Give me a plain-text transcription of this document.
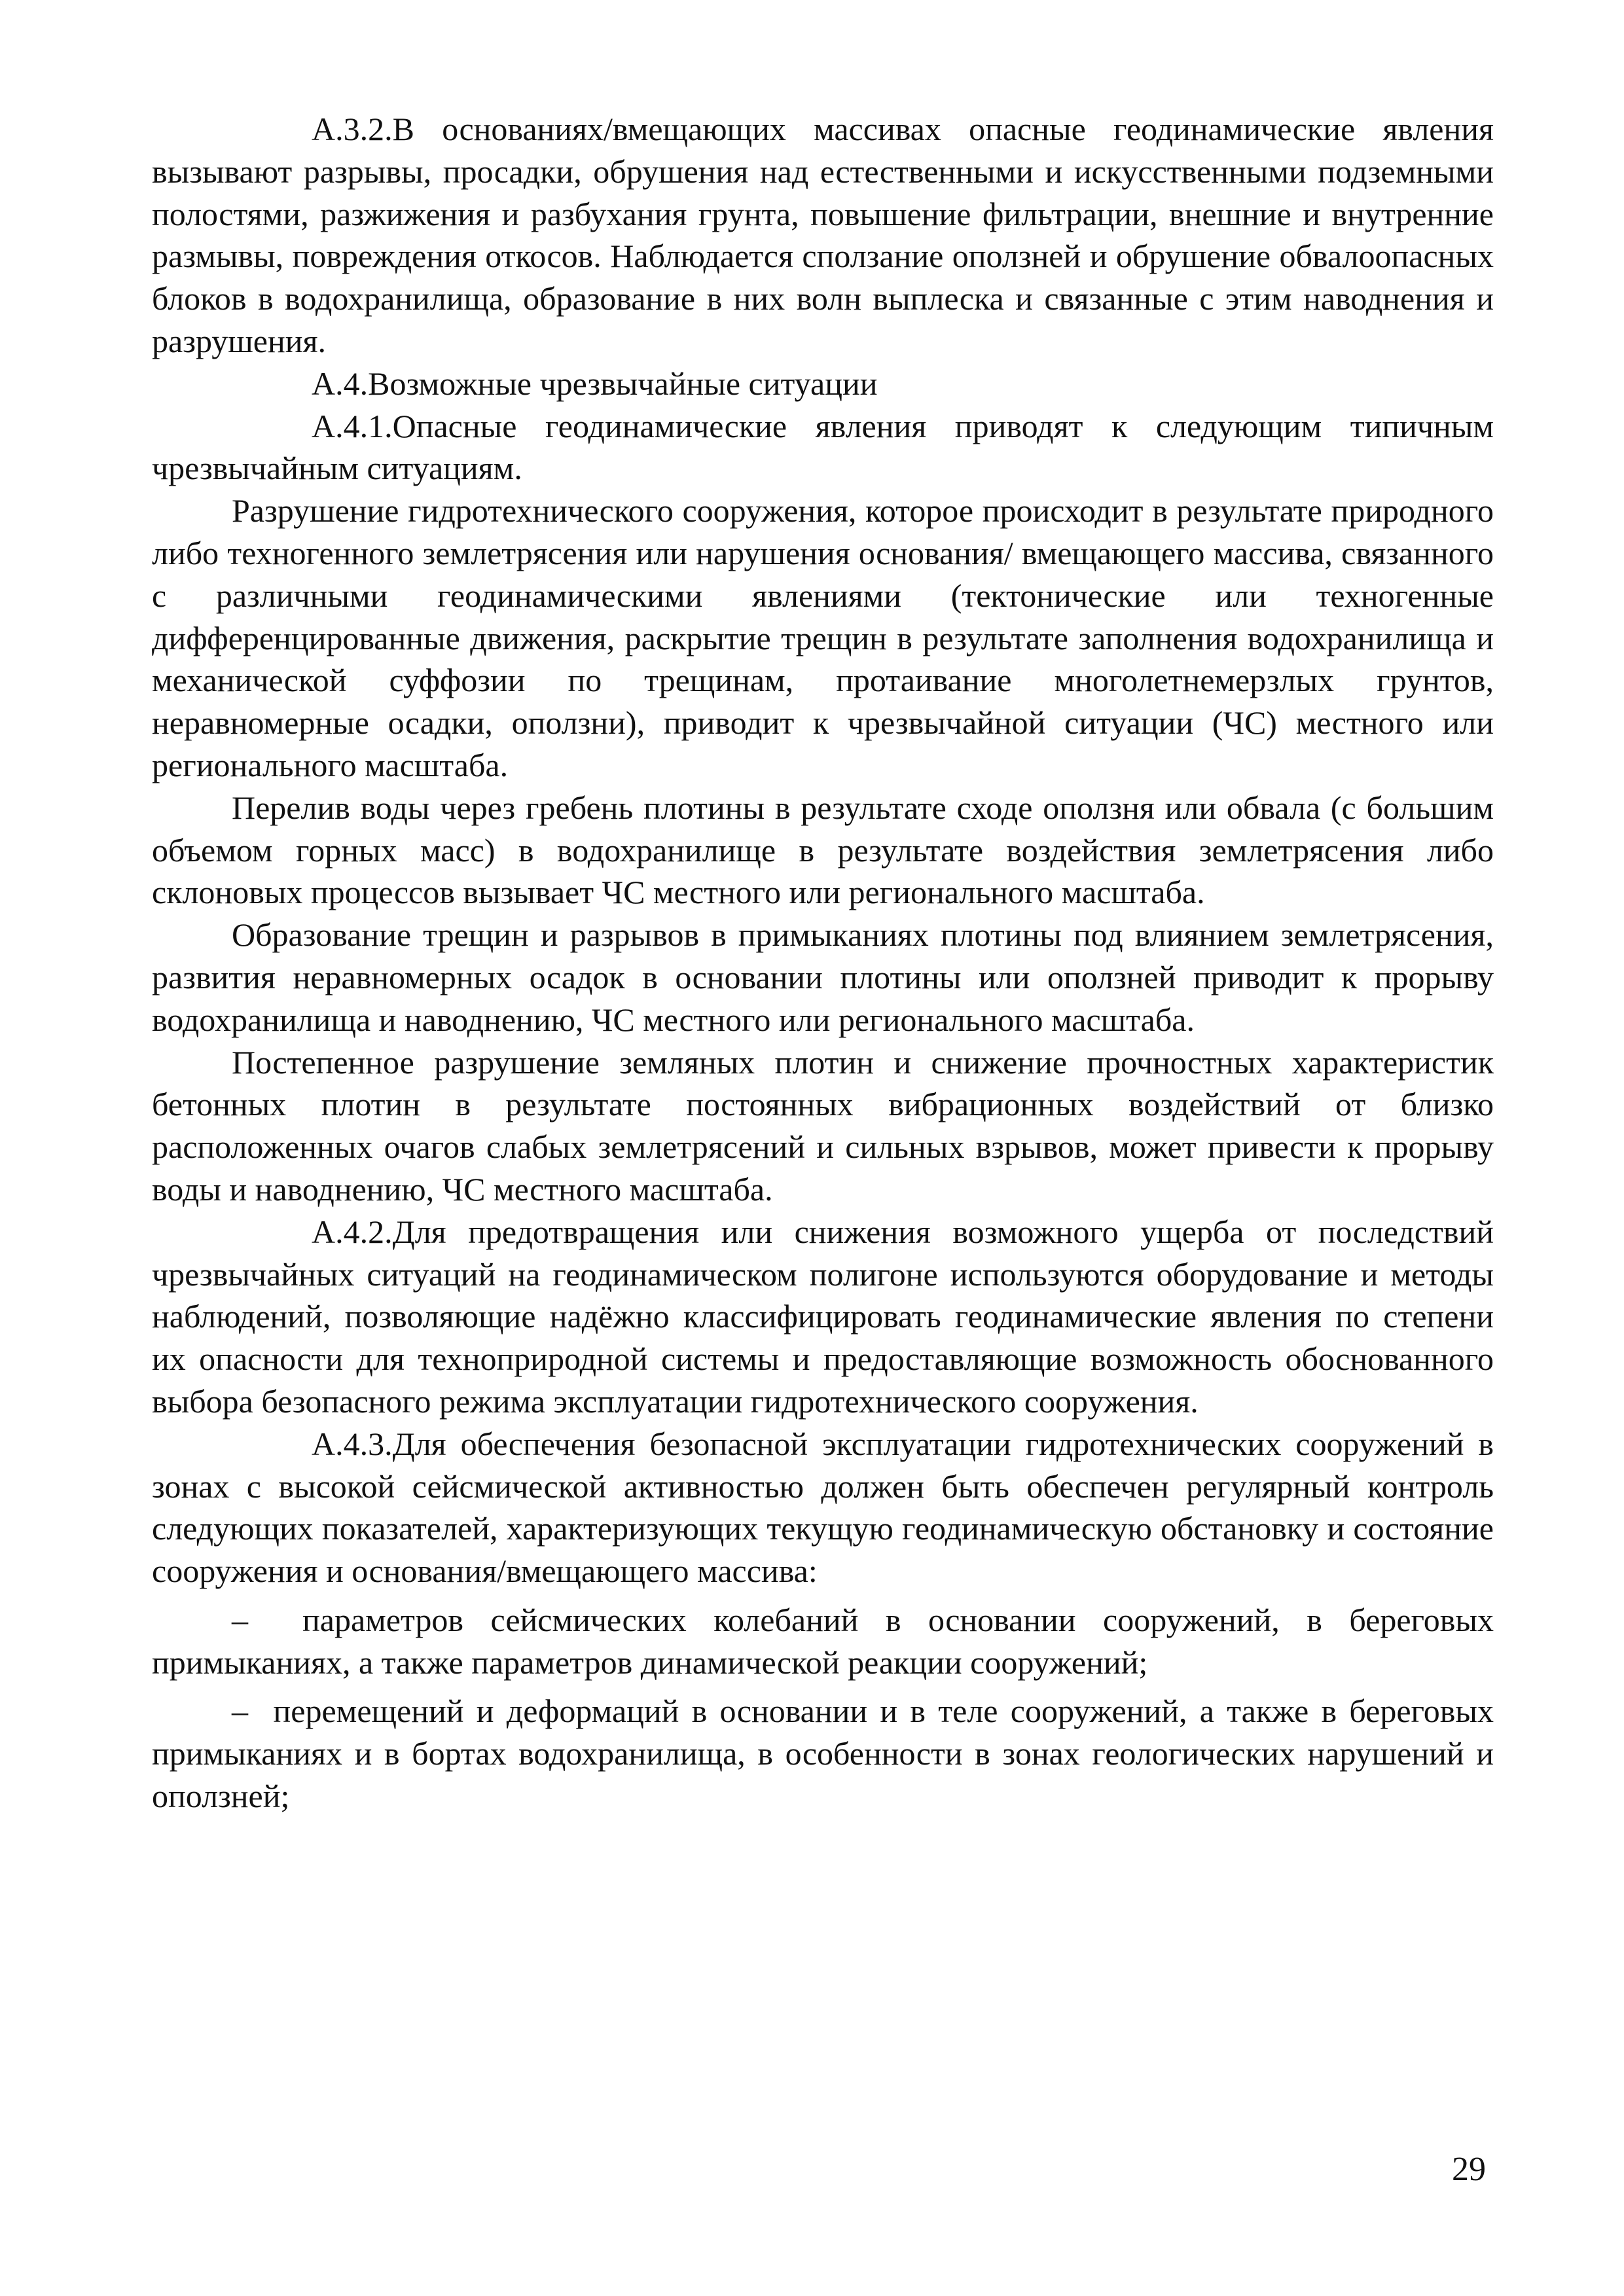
А.3.2.В основаниях/вмещающих массивах опасные геодинамические явления вызывают разрывы, просадки, обрушения над естественными и искусственными подземными полостями, разжижения и разбухания грунта, повышение фильтрации, внешние и внутренние размывы, повреждения откосов. Наблюдается сползание оползней и обрушение обвалоопасных блоков в водохранилища, образование в них волн выплеска и связанные с этим наводнения и разрушения.

А.4.Возможные чрезвычайные ситуации

А.4.1.Опасные геодинамические явления приводят к следующим типичным чрезвычайным ситуациям.

Разрушение гидротехнического сооружения, которое происходит в результате природного либо техногенного землетрясения или нарушения основания/ вмещающего массива, связанного с различными геодинамическими явлениями (тектонические или техногенные дифференцированные движения, раскрытие трещин в результате заполнения водохранилища и механической суффозии по трещинам, протаивание многолетнемерзлых грунтов, неравномерные осадки, оползни), приводит к чрезвычайной ситуации (ЧС) местного или регионального масштаба.

Перелив воды через гребень плотины в результате сходе оползня или обвала (с большим объемом горных масс) в водохранилище в результате воздействия землетрясения либо склоновых процессов вызывает ЧС местного или регионального масштаба.

Образование трещин и разрывов в примыканиях плотины под влиянием землетрясения, развития неравномерных осадок в основании плотины или оползней приводит к прорыву водохранилища и наводнению, ЧС местного или регионального масштаба.

Постепенное разрушение земляных плотин и снижение прочностных характеристик бетонных плотин в результате постоянных вибрационных воздействий от близко расположенных очагов слабых землетрясений и сильных взрывов, может привести к прорыву воды и наводнению, ЧС местного масштаба.

А.4.2.Для предотвращения или снижения возможного ущерба от последствий чрезвычайных ситуаций на геодинамическом полигоне используются оборудование и методы наблюдений, позволяющие надёжно классифицировать геодинамические явления по степени их опасности для техноприродной системы и предоставляющие возможность обоснованного выбора безопасного режима эксплуатации гидротехнического сооружения.

А.4.3.Для обеспечения безопасной эксплуатации гидротехнических сооружений в зонах с высокой сейсмической активностью должен быть обеспечен регулярный контроль следующих показателей, характеризующих текущую геодинамическую обстановку и состояние сооружения и основания/вмещающего массива:

– параметров сейсмических колебаний в основании сооружений, в береговых примыканиях, а также параметров динамической реакции сооружений;

– перемещений и деформаций в основании и в теле сооружений, а также в береговых примыканиях и в бортах водохранилища, в особенности в зонах геологических нарушений и оползней;

29
